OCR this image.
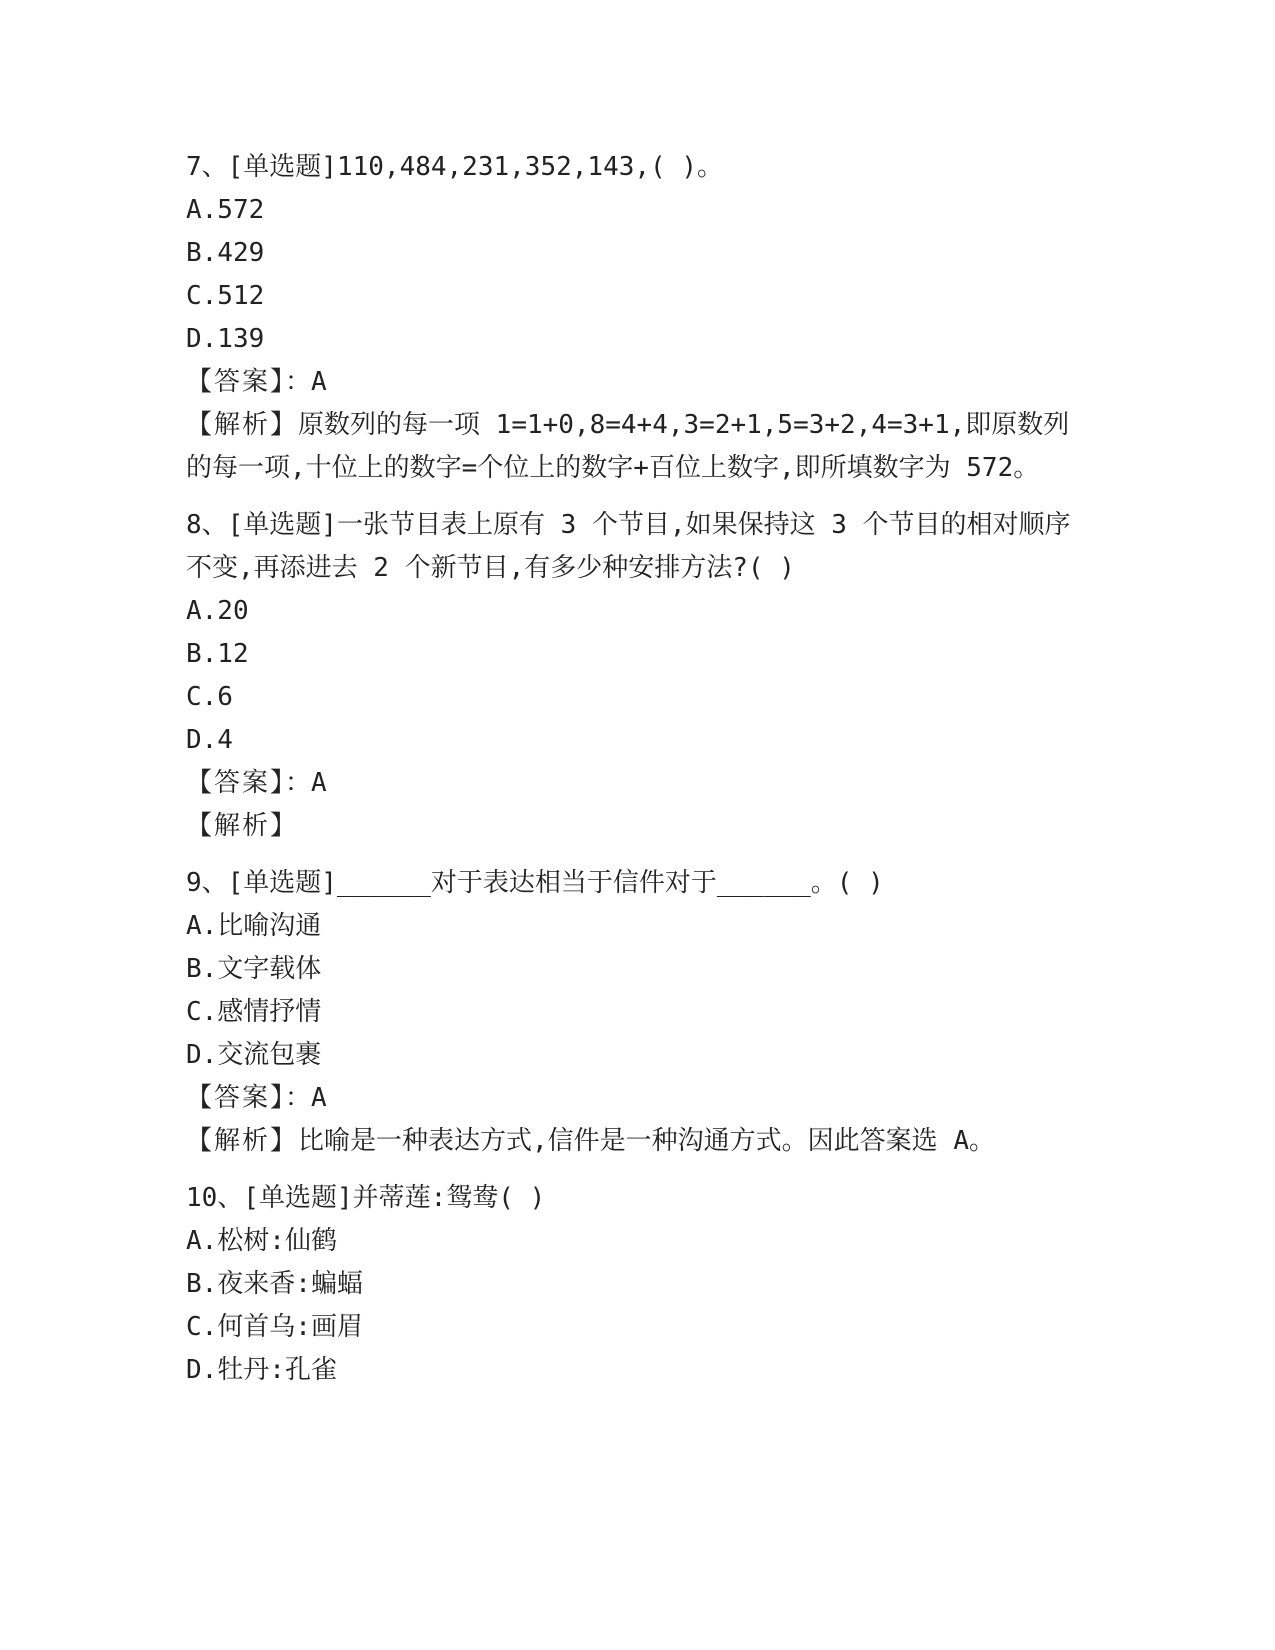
7、[单选题]110,484,231,352,143,( )。

A.572

B.429

C.512

D.139

【答案】：A

【解析】原数列的每一项 1=1+0,8=4+4,3=2+1,5=3+2,4=3+1,即原数列的每一项,十位上的数字=个位上的数字+百位上数字,即所填数字为 572。

8、[单选题]一张节目表上原有 3 个节目,如果保持这 3 个节目的相对顺序不变,再添进去 2 个新节目,有多少种安排方法?( )

A.20

B.12

C.6

D.4

【答案】：A

【解析】

9、[单选题]______对于表达相当于信件对于______。( )

A.比喻沟通

B.文字载体

C.感情抒情

D.交流包裹

【答案】：A

【解析】比喻是一种表达方式,信件是一种沟通方式。因此答案选 A。

10、[单选题]并蒂莲:鸳鸯( )

A.松树:仙鹤

B.夜来香:蝙蝠

C.何首乌:画眉

D.牡丹:孔雀
